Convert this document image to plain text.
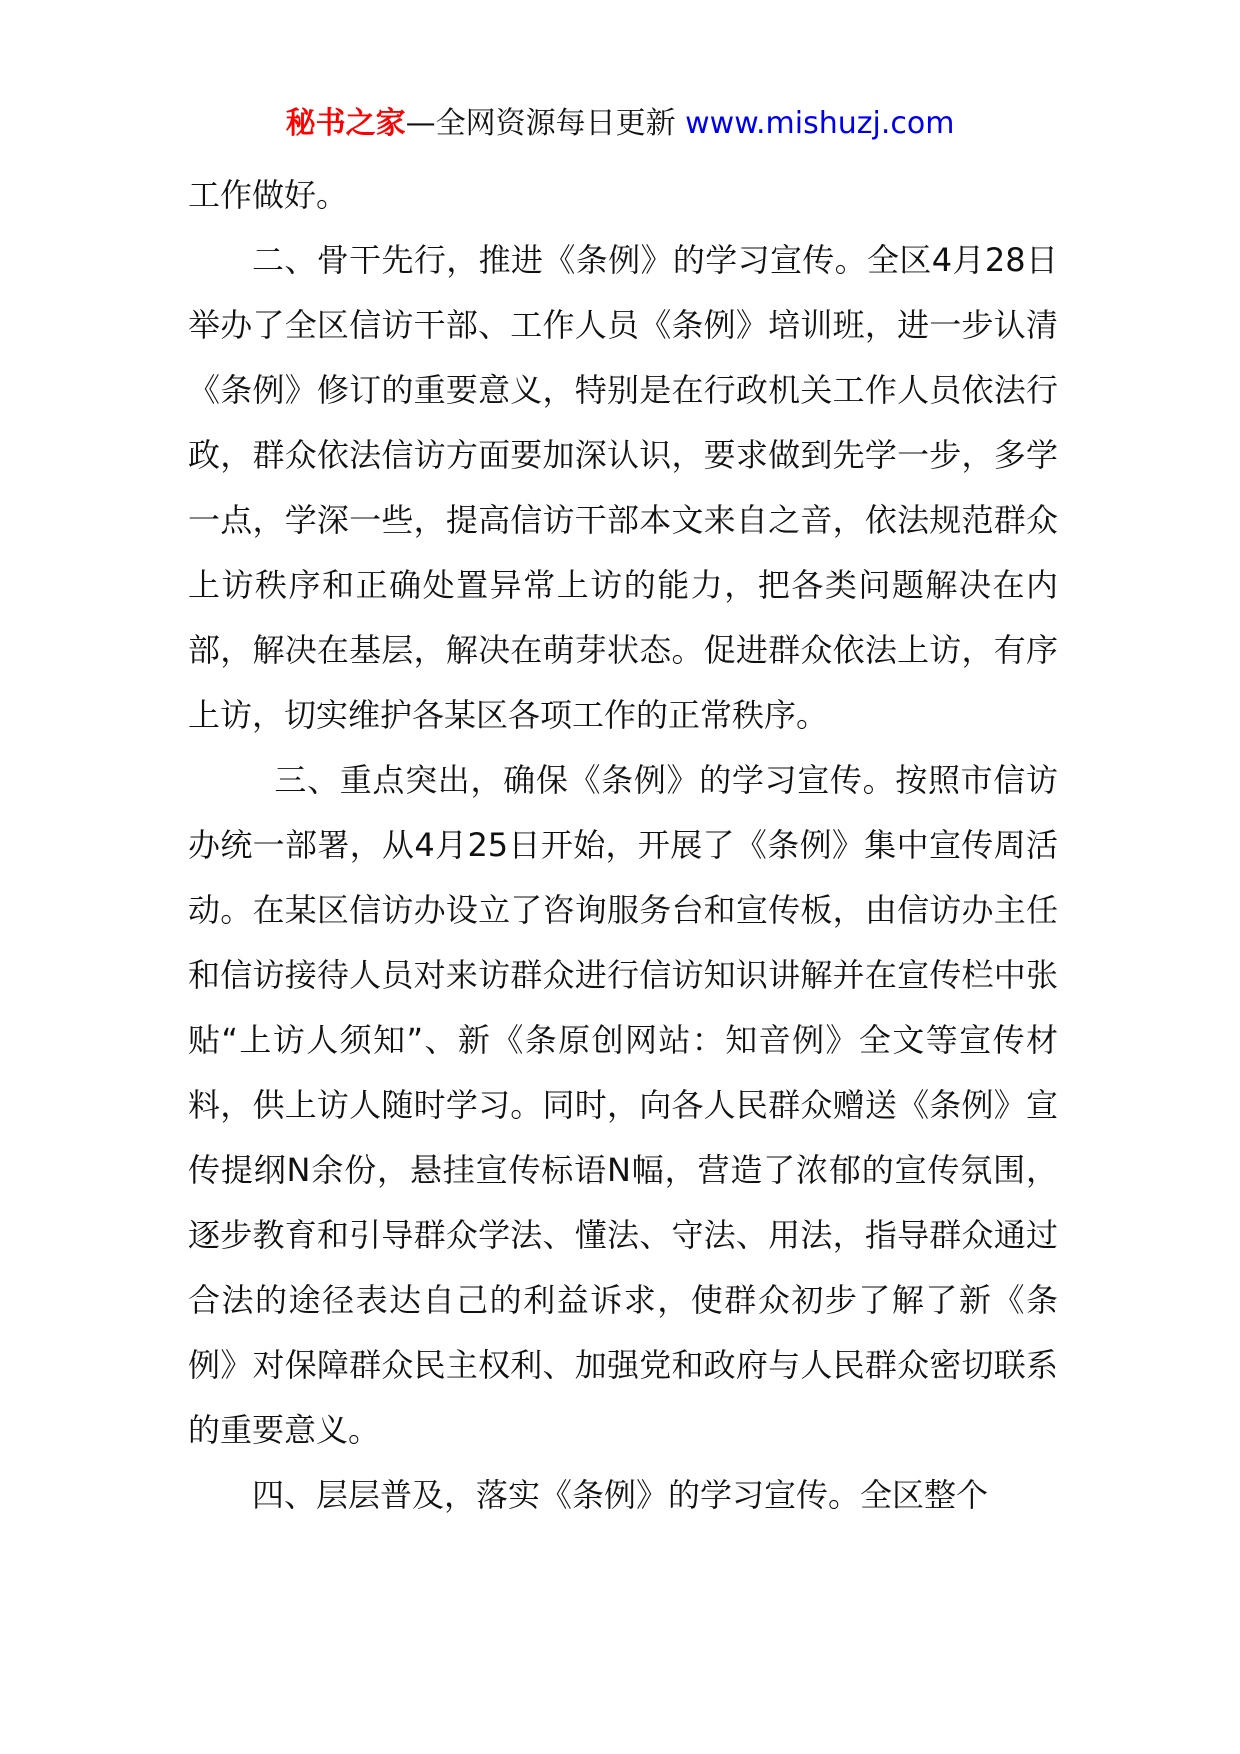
秘书之家—全网资源每日更新 www.mishuzj.com

工作做好。

二、骨干先行，推进《条例》的学习宣传。全区4月28日举办了全区信访干部、工作人员《条例》培训班，进一步认清《条例》修订的重要意义，特别是在行政机关工作人员依法行政，群众依法信访方面要加深认识，要求做到先学一步，多学一点，学深一些，提高信访干部本文来自之音，依法规范群众上访秩序和正确处置异常上访的能力，把各类问题解决在内部，解决在基层，解决在萌芽状态。促进群众依法上访，有序上访，切实维护各某区各项工作的正常秩序。

三、重点突出，确保《条例》的学习宣传。按照市信访办统一部署，从4月25日开始，开展了《条例》集中宣传周活动。在某区信访办设立了咨询服务台和宣传板，由信访办主任和信访接待人员对来访群众进行信访知识讲解并在宣传栏中张贴“上访人须知”、新《条原创网站：知音例》全文等宣传材料，供上访人随时学习。同时，向各人民群众赠送《条例》宣传提纲N余份，悬挂宣传标语N幅，营造了浓郁的宣传氛围，逐步教育和引导群众学法、懂法、守法、用法，指导群众通过合法的途径表达自己的利益诉求，使群众初步了解了新《条例》对保障群众民主权利、加强党和政府与人民群众密切联系的重要意义。

四、层层普及，落实《条例》的学习宣传。全区整个
